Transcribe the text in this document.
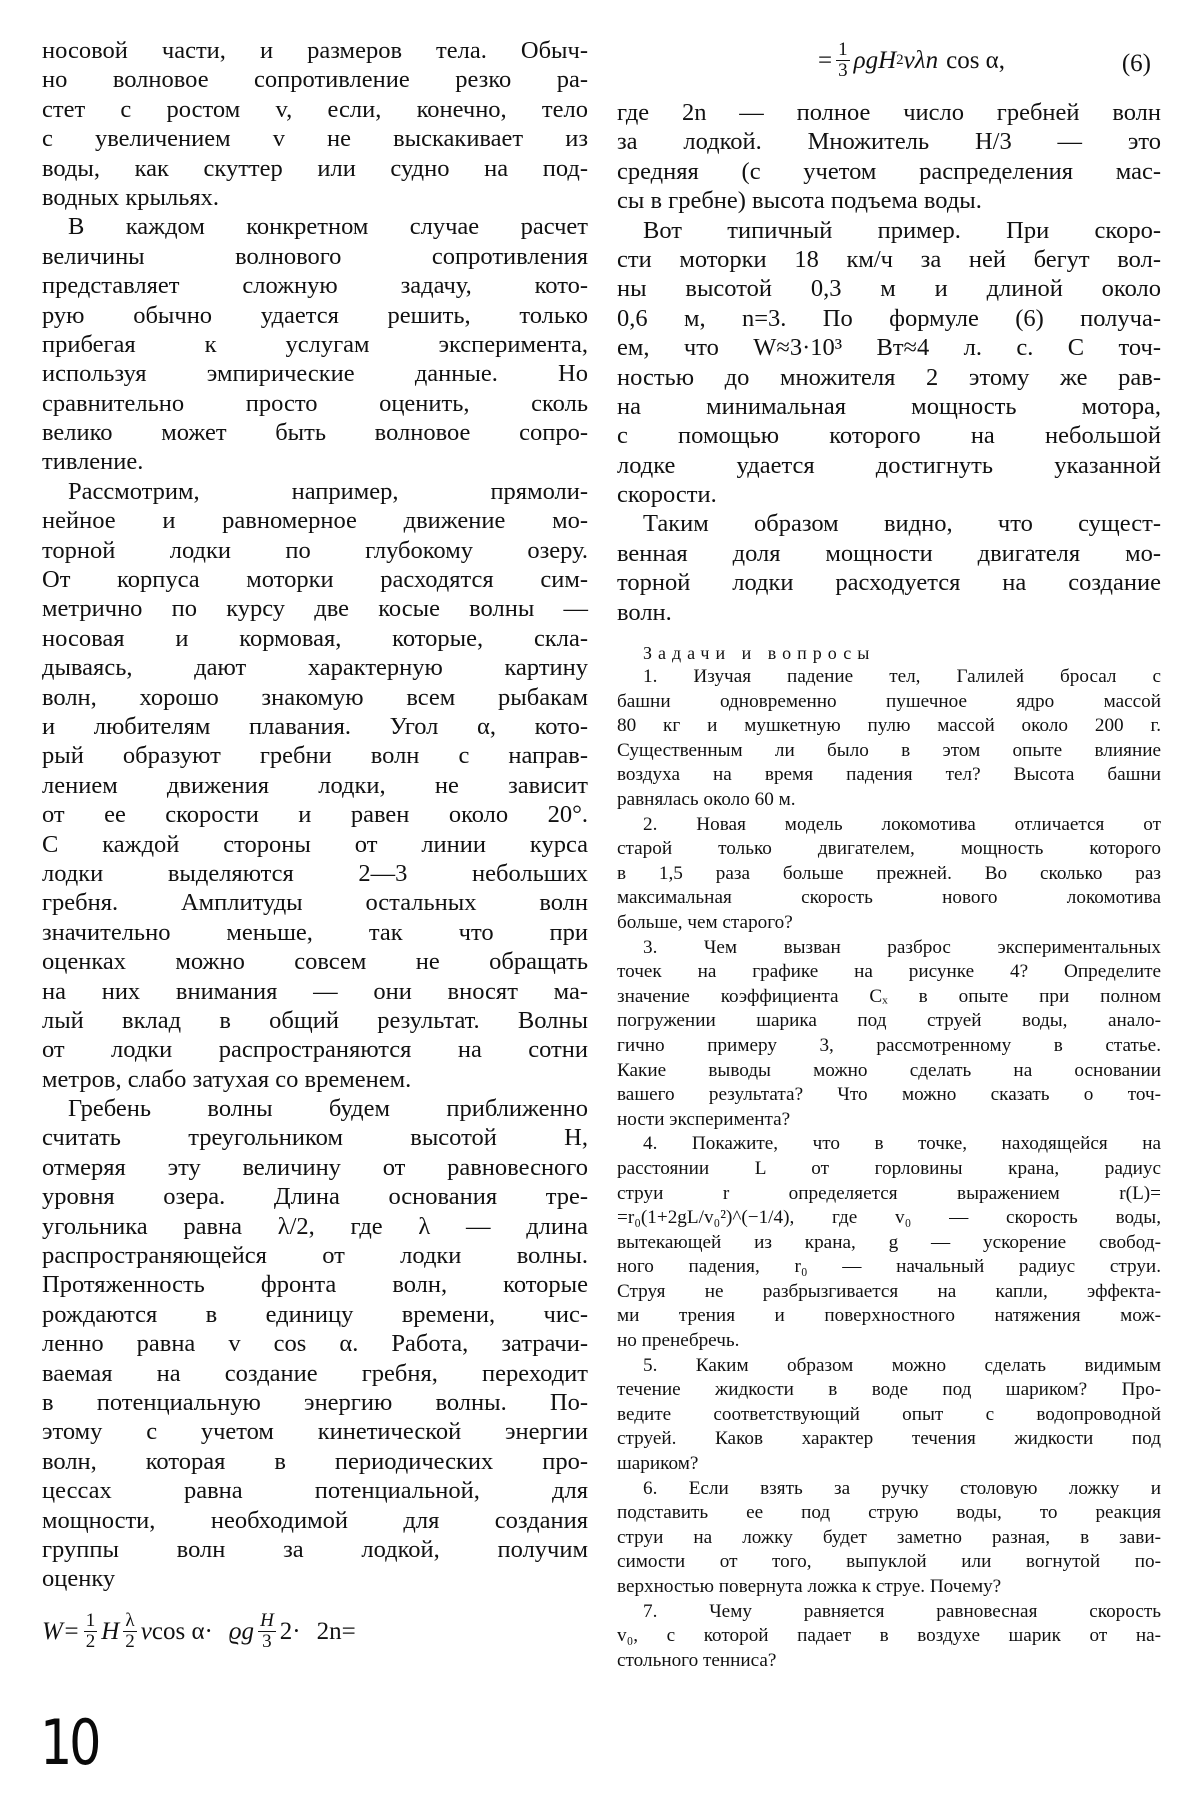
носовой части, и размеров тела. Обыч-
но волновое сопротивление резко ра-
стет с ростом v, если, конечно, тело
с увеличением v не выскакивает из
воды, как скуттер или судно на под-
водных крыльях.
В каждом конкретном случае расчет
величины волнового сопротивления
представляет сложную задачу, кото-
рую обычно удается решить, только
прибегая к услугам эксперимента,
используя эмпирические данные. Но
сравнительно просто оценить, сколь
велико может быть волновое сопро-
тивление.
Рассмотрим, например, прямоли-
нейное и равномерное движение мо-
торной лодки по глубокому озеру.
От корпуса моторки расходятся сим-
метрично по курсу две косые волны —
носовая и кормовая, которые, скла-
дываясь, дают характерную картину
волн, хорошо знакомую всем рыбакам
и любителям плавания. Угол α, кото-
рый образуют гребни волн с направ-
лением движения лодки, не зависит
от ее скорости и равен около 20°.
С каждой стороны от линии курса
лодки выделяются 2—3 небольших
гребня. Амплитуды остальных волн
значительно меньше, так что при
оценках можно совсем не обращать
на них внимания — они вносят ма-
лый вклад в общий результат. Волны
от лодки распространяются на сотни
метров, слабо затухая со временем.
Гребень волны будем приближенно
считать треугольником высотой H,
отмеряя эту величину от равновесного
уровня озера. Длина основания тре-
угольника равна λ/2, где λ — длина
распространяющейся от лодки волны.
Протяженность фронта волн, которые
рождаются в единицу времени, чис-
ленно равна v cos α. Работа, затрачи-
ваемая на создание гребня, переходит
в потенциальную энергию волны. По-
этому с учетом кинетической энергии
волн, которая в периодических про-
цессах равна потенциальной, для
мощности, необходимой для создания
группы волн за лодкой, получим
оценку
$W= \frac{1}{2}$ H $\frac{\lambda}{2}$ v cos α· ϱg $\frac{H}{3} 2\cdot 2n=$
= $\frac{1}{3}$ ρgH 2 vλn cos α,	(6)
где 2n — полное число гребней волн
за лодкой. Множитель H/3 — это
средняя (с учетом распределения мас-
сы в гребне) высота подъема воды.
Вот типичный пример. При скоро-
сти моторки 18 км/ч за ней бегут вол-
ны высотой 0,3 м и длиной около
0,6 м, n=3. По формуле (6) получа-
ем, что W≈3·10³ Вт≈4 л. с. С точ-
ностью до множителя 2 этому же рав-
на минимальная мощность мотора,
с помощью которого на небольшой
лодке удается достигнуть указанной
скорости.
Таким образом видно, что сущест-
венная доля мощности двигателя мо-
торной лодки расходуется на создание
волн.
Задачи и вопросы
1. Изучая падение тел, Галилей бросал с
башни одновременно пушечное ядро массой
80 кг и мушкетную пулю массой около 200 г.
Существенным ли было в этом опыте влияние
воздуха на время падения тел? Высота башни
равнялась около 60 м.
2. Новая модель локомотива отличается от
старой только двигателем, мощность которого
в 1,5 раза больше прежней. Во сколько раз
максимальная скорость нового локомотива
больше, чем старого?
3. Чем вызван разброс экспериментальных
точек на графике на рисунке 4? Определите
значение коэффициента Cₓ в опыте при полном
погружении шарика под струей воды, анало-
гично примеру 3, рассмотренному в статье.
Какие выводы можно сделать на основании
вашего результата? Что можно сказать о точ-
ности эксперимента?
4. Покажите, что в точке, находящейся на
расстоянии L от горловины крана, радиус
струи r определяется выражением r(L)=
=r₀(1+2gL/v₀²)^(−1/4), где v₀ — скорость воды,
вытекающей из крана, g — ускорение свобод-
ного падения, r₀ — начальный радиус струи.
Струя не разбрызгивается на капли, эффекта-
ми трения и поверхностного натяжения мож-
но пренебречь.
5. Каким образом можно сделать видимым
течение жидкости в воде под шариком? Про-
ведите соответствующий опыт с водопроводной
струей. Каков характер течения жидкости под
шариком?
6. Если взять за ручку столовую ложку и
подставить ее под струю воды, то реакция
струи на ложку будет заметно разная, в зави-
симости от того, выпуклой или вогнутой по-
верхностью повернута ложка к струе. Почему?
7. Чему равняется равновесная скорость
v₀, с которой падает в воздухе шарик от на-
стольного тенниса?
10
